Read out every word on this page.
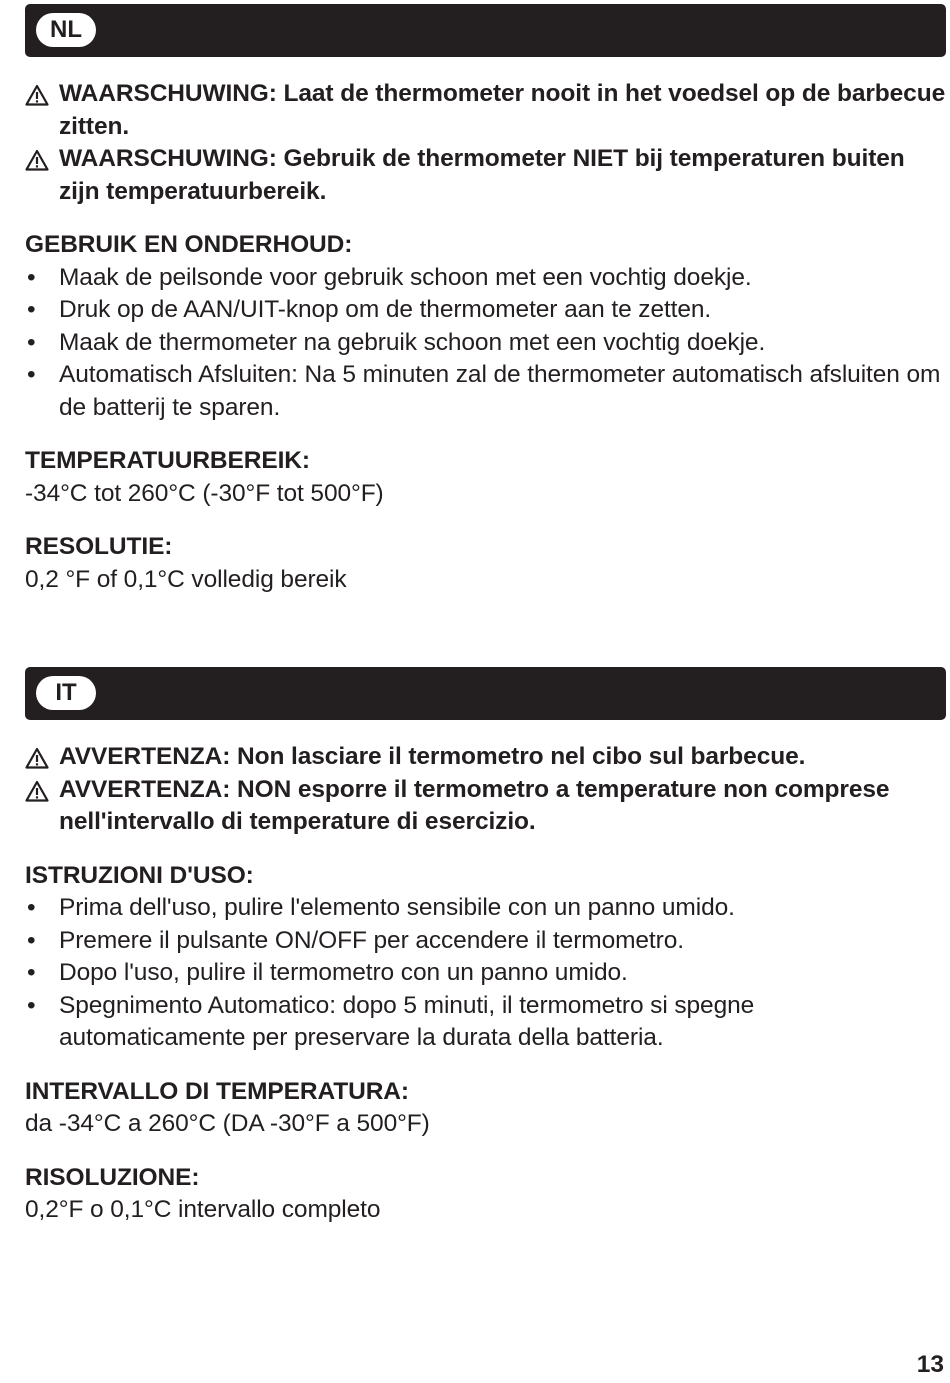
NL
WAARSCHUWING: Laat de thermometer nooit in het voedsel op de barbecue zitten.
WAARSCHUWING: Gebruik de thermometer NIET bij temperaturen buiten zijn temperatuurbereik.
GEBRUIK EN ONDERHOUD:
• Maak de peilsonde voor gebruik schoon met een vochtig doekje.
• Druk op de AAN/UIT-knop om de thermometer aan te zetten.
• Maak de thermometer na gebruik schoon met een vochtig doekje.
• Automatisch Afsluiten: Na 5 minuten zal de thermometer automatisch afsluiten om de batterij te sparen.
TEMPERATUURBEREIK:

-34°C tot 260°C (-30°F tot 500°F)

RESOLUTIE:

0,2 °F of 0,1°C volledig bereik

IT
AVVERTENZA: Non lasciare il termometro nel cibo sul barbecue.
AVVERTENZA: NON esporre il termometro a temperature non comprese nell'intervallo di temperature di esercizio.
ISTRUZIONI D'USO:
• Prima dell'uso, pulire l'elemento sensibile con un panno umido.
• Premere il pulsante ON/OFF per accendere il termometro.
• Dopo l'uso, pulire il termometro con un panno umido.
• Spegnimento Automatico: dopo 5 minuti, il termometro si spegne automaticamente per preservare la durata della batteria.
INTERVALLO DI TEMPERATURA:

da -34°C a 260°C (DA -30°F a 500°F)

RISOLUZIONE:

0,2°F o 0,1°C intervallo completo

13
